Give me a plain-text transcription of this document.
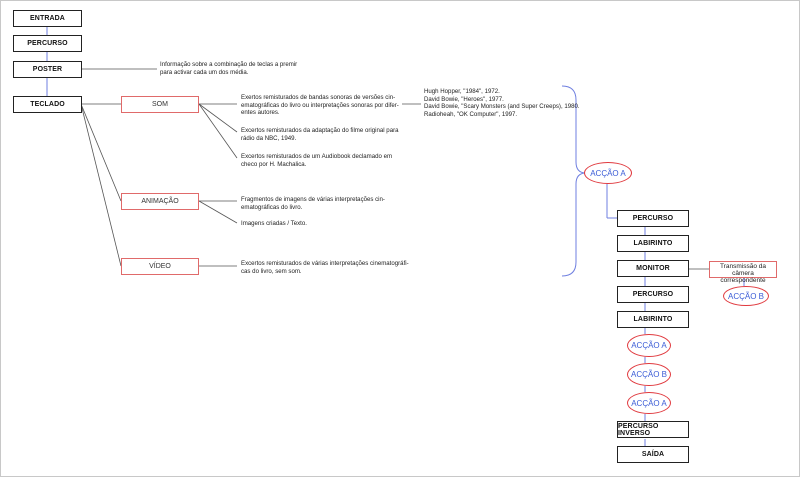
ENTRADA
PERCURSO
POSTER
TECLADO
Informação sobre a combinação de teclas a premir
para activar cada um dos média.
SOM
ANIMAÇÃO
VÍDEO
Exertos remisturados de bandas sonoras de versões cin-
ematográficas do livro ou interpretações sonoras por difer-
entes autores.
Excertos remisturados da adaptação do filme original para
rádio da NBC, 1949.
Excertos remisturados de um Audiobook declamado em
checo por H. Machalica.
Hugh Hopper, "1984", 1972.
David Bowie, "Heroes", 1977.
David Bowie, "Scary Monsters (and Super Creeps), 1980.
Radioheah, "OK Computer", 1997.
Fragmentos de imagens de várias interpretações cin-
ematográficas do livro.
Imagens criadas / Texto.
Excertos remisturados de várias interpretações cinematográfi-
cas do livro, sem som.
ACÇÃO A
PERCURSO
LABIRINTO
MONITOR
PERCURSO
LABIRINTO
ACÇÃO A
ACÇÃO B
ACÇÃO A
PERCURSO INVERSO
SAÍDA
Transmissão da câmera
correspondente
ACÇÃO B
